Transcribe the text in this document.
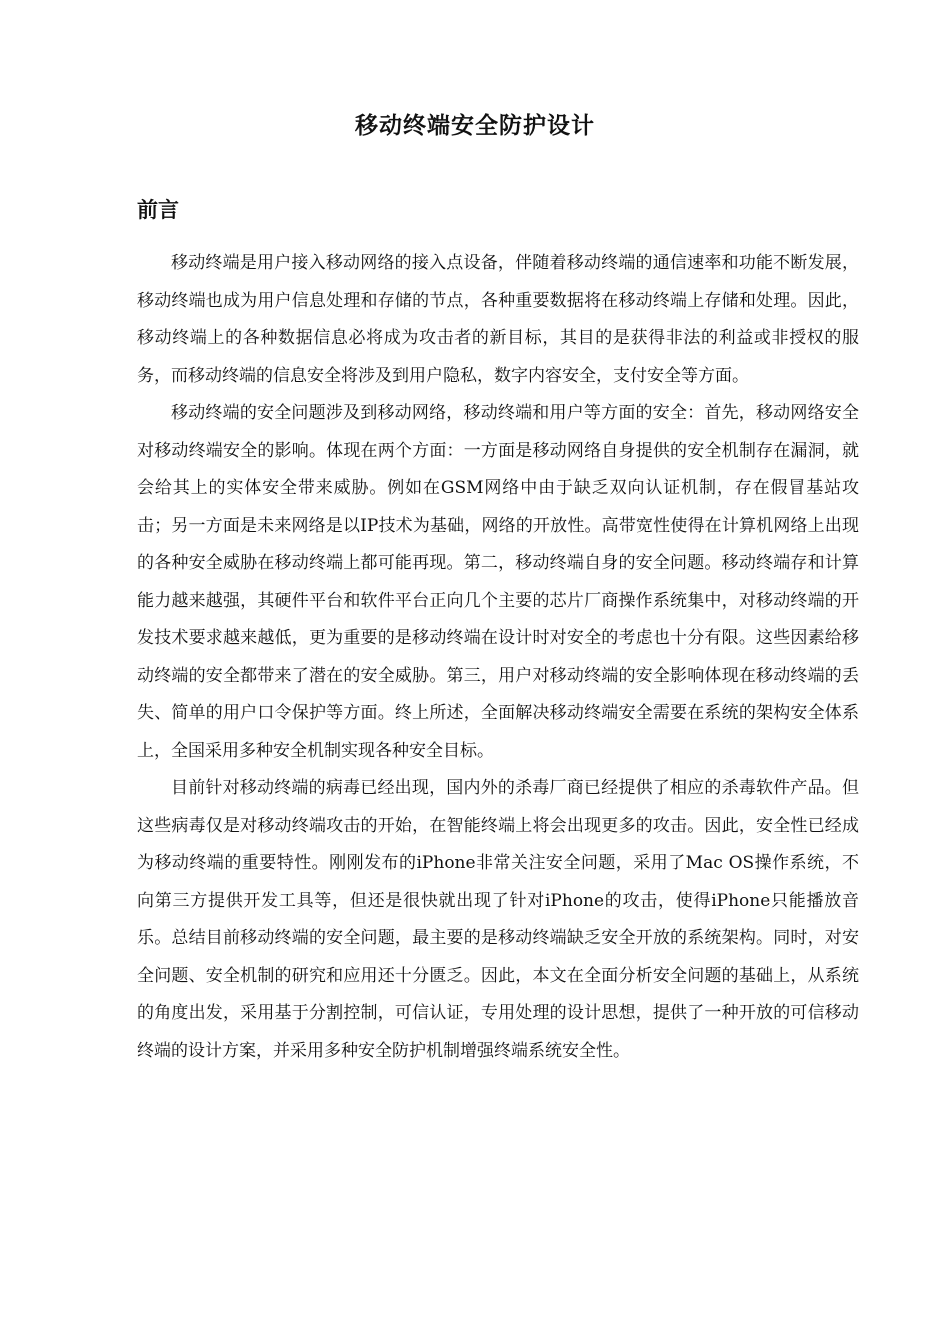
移动终端安全防护设计
前言

移动终端是用户接入移动网络的接入点设备，伴随着移动终端的通信速率和功能不断发展，移动终端也成为用户信息处理和存储的节点，各种重要数据将在移动终端上存储和处理。因此，移动终端上的各种数据信息必将成为攻击者的新目标，其目的是获得非法的利益或非授权的服务，而移动终端的信息安全将涉及到用户隐私，数字内容安全，支付安全等方面。

移动终端的安全问题涉及到移动网络，移动终端和用户等方面的安全：首先，移动网络安全对移动终端安全的影响。体现在两个方面：一方面是移动网络自身提供的安全机制存在漏洞，就会给其上的实体安全带来威胁。例如在GSM网络中由于缺乏双向认证机制，存在假冒基站攻击；另一方面是未来网络是以IP技术为基础，网络的开放性。高带宽性使得在计算机网络上出现的各种安全威胁在移动终端上都可能再现。第二，移动终端自身的安全问题。移动终端存和计算能力越来越强，其硬件平台和软件平台正向几个主要的芯片厂商操作系统集中，对移动终端的开发技术要求越来越低，更为重要的是移动终端在设计时对安全的考虑也十分有限。这些因素给移动终端的安全都带来了潜在的安全威胁。第三，用户对移动终端的安全影响体现在移动终端的丢失、简单的用户口令保护等方面。终上所述，全面解决移动终端安全需要在系统的架构安全体系上，全国采用多种安全机制实现各种安全目标。

目前针对移动终端的病毒已经出现，国内外的杀毒厂商已经提供了相应的杀毒软件产品。但这些病毒仅是对移动终端攻击的开始，在智能终端上将会出现更多的攻击。因此，安全性已经成为移动终端的重要特性。刚刚发布的iPhone非常关注安全问题，采用了Mac OS操作系统，不向第三方提供开发工具等，但还是很快就出现了针对iPhone的攻击，使得iPhone只能播放音乐。总结目前移动终端的安全问题，最主要的是移动终端缺乏安全开放的系统架构。同时，对安全问题、安全机制的研究和应用还十分匮乏。因此，本文在全面分析安全问题的基础上，从系统的角度出发，采用基于分割控制，可信认证，专用处理的设计思想，提供了一种开放的可信移动终端的设计方案，并采用多种安全防护机制增强终端系统安全性。
